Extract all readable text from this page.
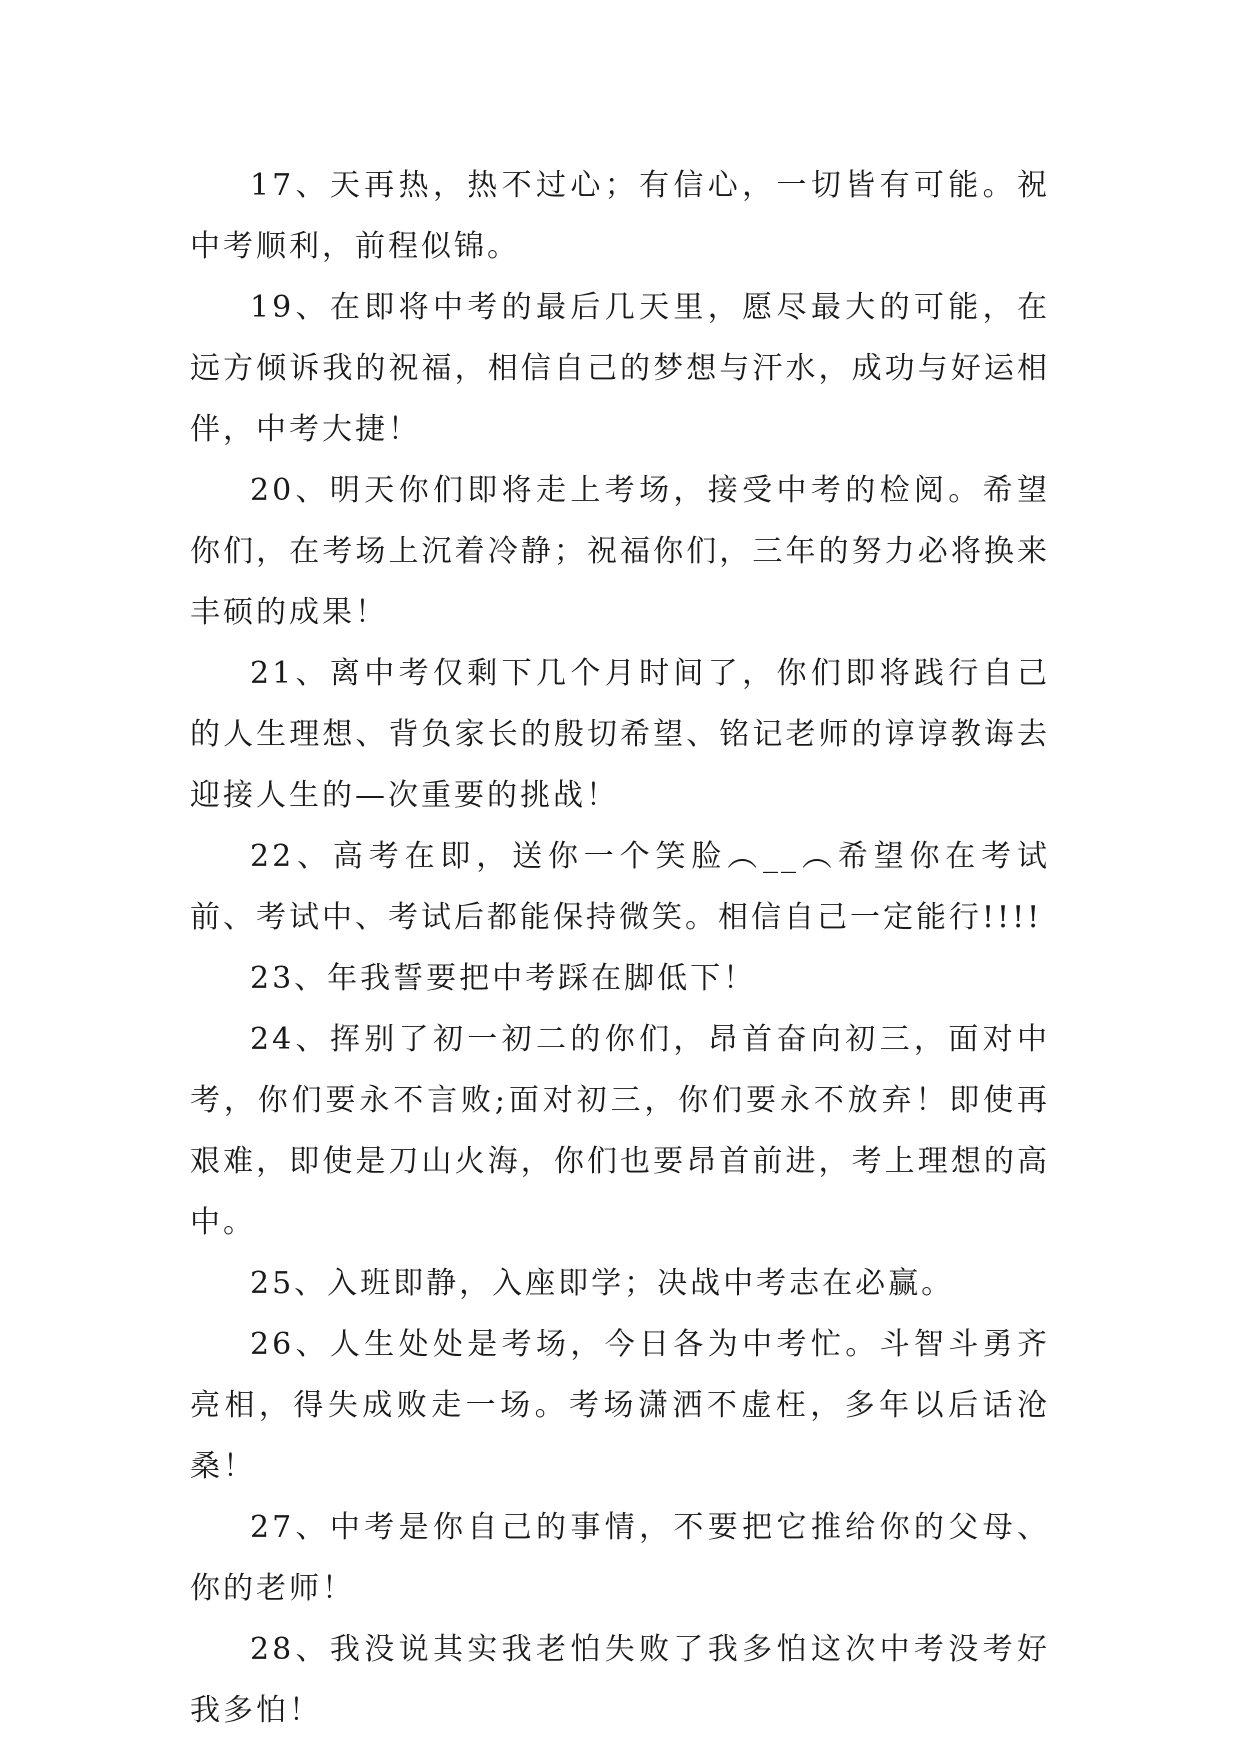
17、天再热，热不过心；有信心，一切皆有可能。祝中考顺利，前程似锦。

19、在即将中考的最后几天里，愿尽最大的可能，在远方倾诉我的祝福，相信自己的梦想与汗水，成功与好运相伴，中考大捷！

20、明天你们即将走上考场，接受中考的检阅。希望你们，在考场上沉着冷静；祝福你们，三年的努力必将换来丰硕的成果！

21、离中考仅剩下几个月时间了，你们即将践行自己的人生理想、背负家长的殷切希望、铭记老师的谆谆教诲去迎接人生的—次重要的挑战！

22、高考在即，送你一个笑脸︵__︵希望你在考试前、考试中、考试后都能保持微笑。相信自己一定能行!!!!

23、年我誓要把中考踩在脚低下！

24、挥别了初一初二的你们，昂首奋向初三，面对中考，你们要永不言败;面对初三，你们要永不放弃！即使再艰难，即使是刀山火海，你们也要昂首前进，考上理想的高中。

25、入班即静，入座即学；决战中考志在必赢。

26、人生处处是考场，今日各为中考忙。斗智斗勇齐亮相，得失成败走一场。考场潇洒不虚枉，多年以后话沧桑！

27、中考是你自己的事情，不要把它推给你的父母、你的老师！

28、我没说其实我老怕失败了我多怕这次中考没考好我多怕！
